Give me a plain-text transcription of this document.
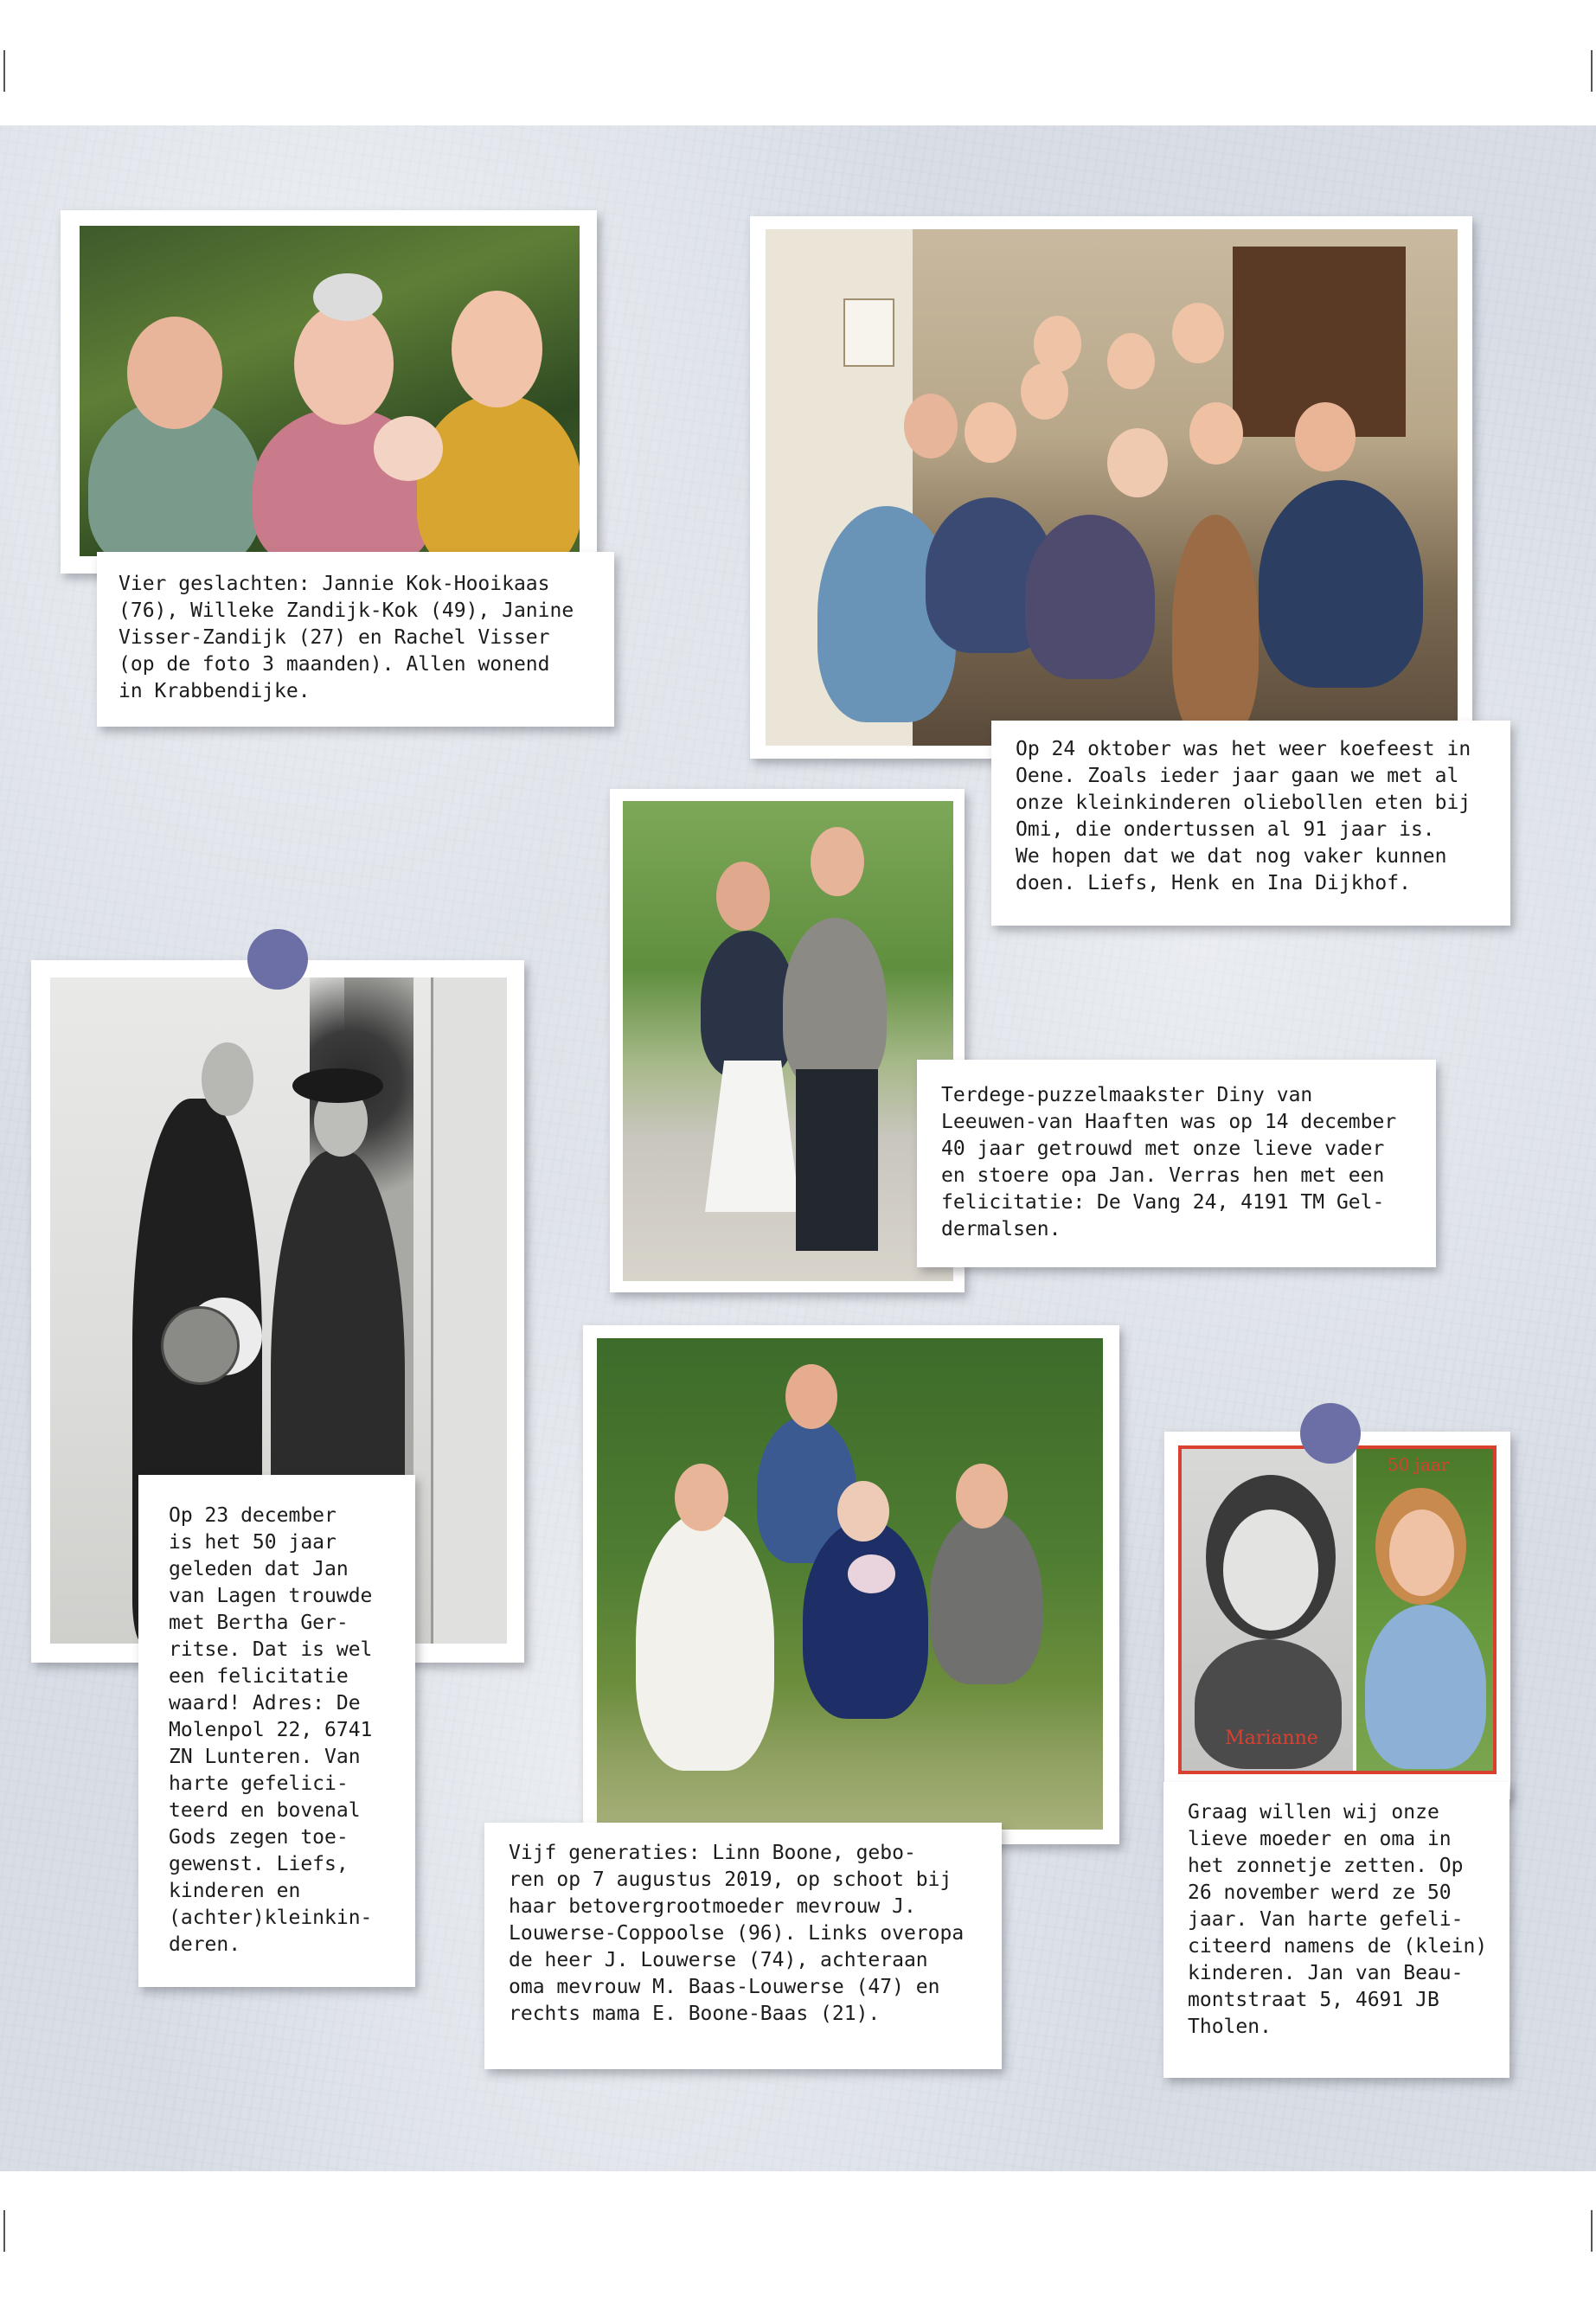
Vier geslachten: Jannie Kok-Hooikaas
(76), Willeke Zandijk-Kok (49), Janine
Visser-Zandijk (27) en Rachel Visser
(op de foto 3 maanden). Allen wonend
in Krabbendijke.
Op 24 oktober was het weer koefeest in
Oene. Zoals ieder jaar gaan we met al
onze kleinkinderen oliebollen eten bij
Omi, die ondertussen al 91 jaar is.
We hopen dat we dat nog vaker kunnen
doen. Liefs, Henk en Ina Dijkhof.
Terdege-puzzelmaakster Diny van
Leeuwen-van Haaften was op 14 december
40 jaar getrouwd met onze lieve vader
en stoere opa Jan. Verras hen met een
felicitatie: De Vang 24, 4191 TM Gel-
dermalsen.
Op 23 december
is het 50 jaar
geleden dat Jan
van Lagen trouwde
met Bertha Ger-
ritse. Dat is wel
een felicitatie
waard! Adres: De
Molenpol 22, 6741
ZN Lunteren. Van
harte gefelici-
teerd en bovenal
Gods zegen toe-
gewenst. Liefs,
kinderen en
(achter)kleinkin-
deren.
Vijf generaties: Linn Boone, gebo-
ren op 7 augustus 2019, op schoot bij
haar betovergrootmoeder mevrouw J.
Louwerse-Coppoolse (96). Links overopa
de heer J. Louwerse (74), achteraan
oma mevrouw M. Baas-Louwerse (47) en
rechts mama E. Boone-Baas (21).
Marianne
50 jaar
Graag willen wij onze
lieve moeder en oma in
het zonnetje zetten. Op
26 november werd ze 50
jaar. Van harte gefeli-
citeerd namens de (klein)
kinderen. Jan van Beau-
montstraat 5, 4691 JB
Tholen.
